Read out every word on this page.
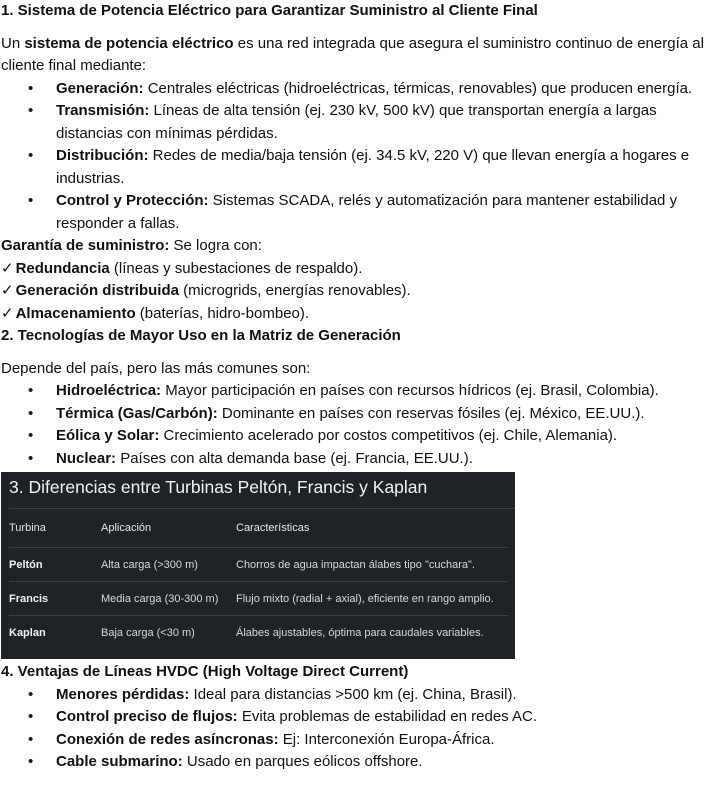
1. Sistema de Potencia Eléctrico para Garantizar Suministro al Cliente Final

Un sistema de potencia eléctrico es una red integrada que asegura el suministro continuo de energía al cliente final mediante:

• Generación: Centrales eléctricas (hidroeléctricas, térmicas, renovables) que producen energía.
• Transmisión: Líneas de alta tensión (ej. 230 kV, 500 kV) que transportan energía a largas distancias con mínimas pérdidas.
• Distribución: Redes de media/baja tensión (ej. 34.5 kV, 220 V) que llevan energía a hogares e industrias.
• Control y Protección: Sistemas SCADA, relés y automatización para mantener estabilidad y responder a fallas.

Garantía de suministro: Se logra con:

✓ Redundancia (líneas y subestaciones de respaldo).

✓ Generación distribuida (microgrids, energías renovables).

✓ Almacenamiento (baterías, hidro-bombeo).

2. Tecnologías de Mayor Uso en la Matriz de Generación

Depende del país, pero las más comunes son:

• Hidroeléctrica: Mayor participación en países con recursos hídricos (ej. Brasil, Colombia).
• Térmica (Gas/Carbón): Dominante en países con reservas fósiles (ej. México, EE.UU.).
• Eólica y Solar: Crecimiento acelerado por costos competitivos (ej. Chile, Alemania).
• Nuclear: Países con alta demanda base (ej. Francia, EE.UU.).
3. Diferencias entre Turbinas Peltón, Francis y Kaplan
Turbina	Aplicación	Características
Peltón	Alta carga (>300 m)	Chorros de agua impactan álabes tipo "cuchara".
Francis	Media carga (30-300 m)	Flujo mixto (radial + axial), eficiente en rango amplio.
Kaplan	Baja carga (<30 m)	Álabes ajustables, óptima para caudales variables.
4. Ventajas de Líneas HVDC (High Voltage Direct Current)
• Menores pérdidas: Ideal para distancias >500 km (ej. China, Brasil).
• Control preciso de flujos: Evita problemas de estabilidad en redes AC.
• Conexión de redes asíncronas: Ej: Interconexión Europa-África.
• Cable submarino: Usado en parques eólicos offshore.
